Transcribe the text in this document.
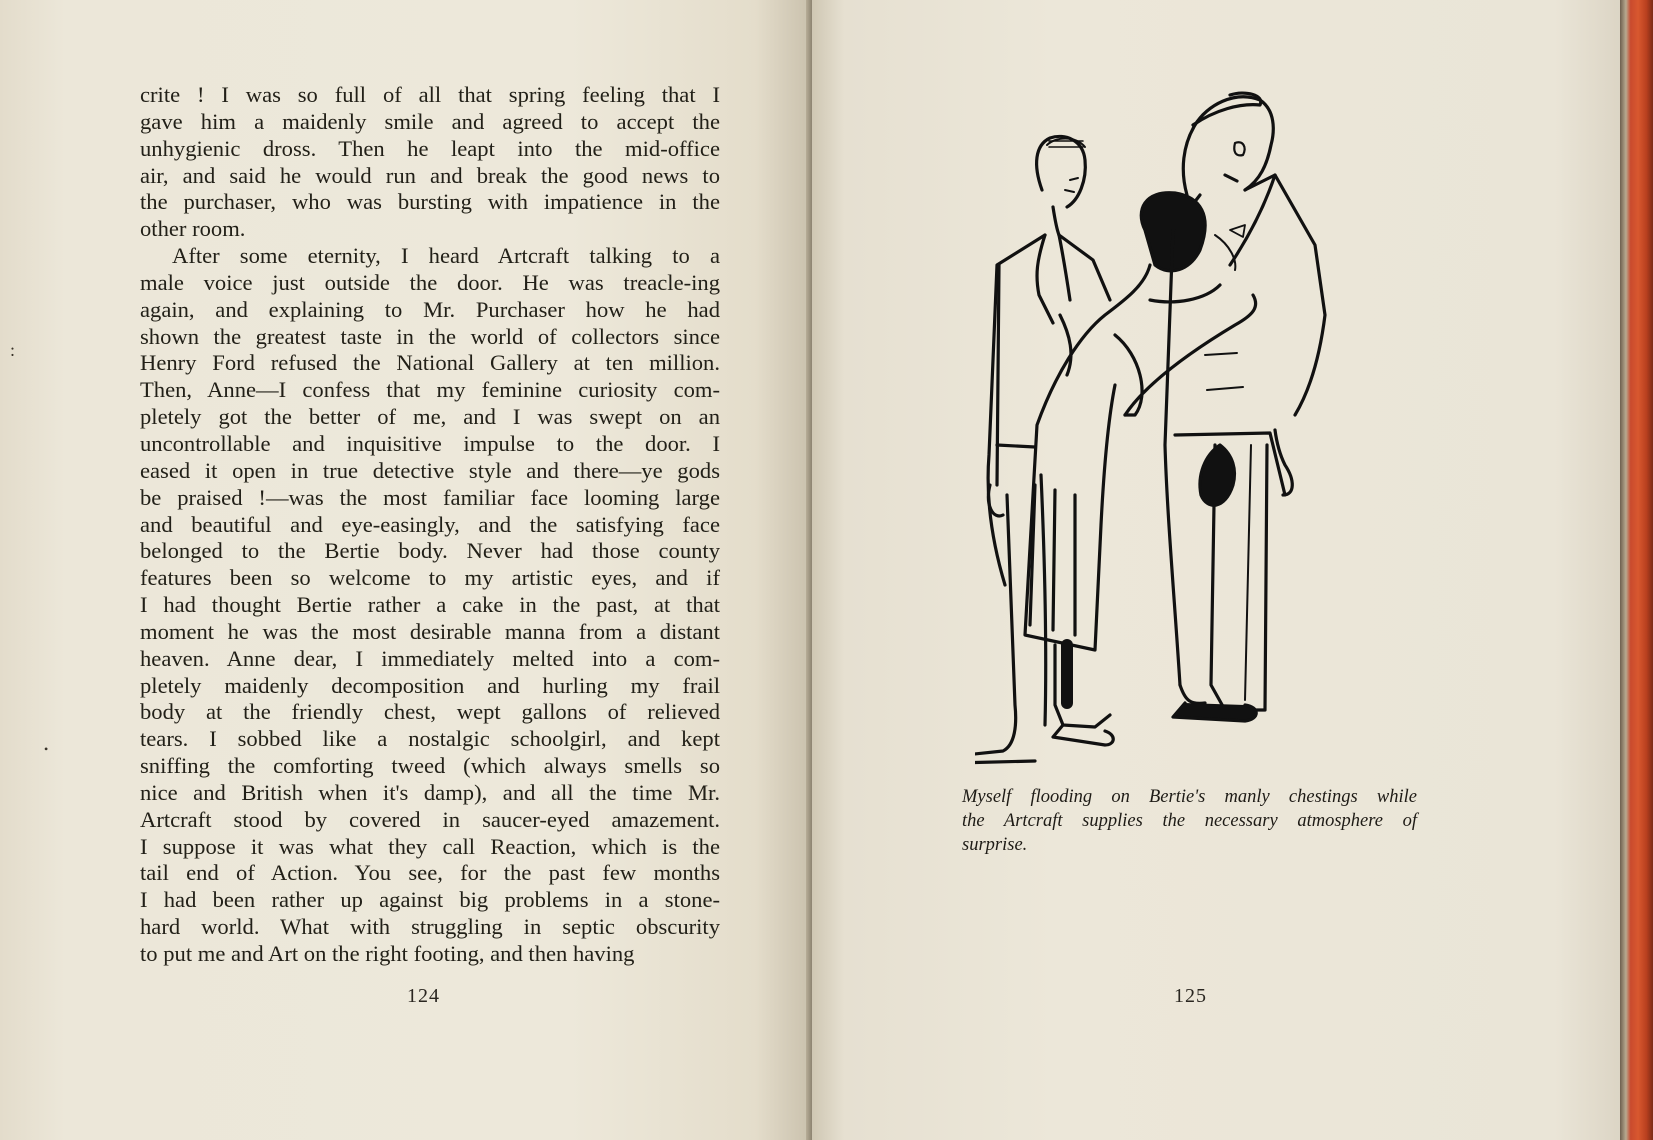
crite ! I was so full of all that spring feeling that I
gave him a maidenly smile and agreed to accept the
unhygienic dross. Then he leapt into the mid-office
air, and said he would run and break the good news to
the purchaser, who was bursting with impatience in the
other room.
After some eternity, I heard Artcraft talking to a
male voice just outside the door. He was treacle-ing
again, and explaining to Mr. Purchaser how he had
shown the greatest taste in the world of collectors since
Henry Ford refused the National Gallery at ten million.
Then, Anne—I confess that my feminine curiosity com-
pletely got the better of me, and I was swept on an
uncontrollable and inquisitive impulse to the door. I
eased it open in true detective style and there—ye gods
be praised !—was the most familiar face looming large
and beautiful and eye-easingly, and the satisfying face
belonged to the Bertie body. Never had those county
features been so welcome to my artistic eyes, and if
I had thought Bertie rather a cake in the past, at that
moment he was the most desirable manna from a distant
heaven. Anne dear, I immediately melted into a com-
pletely maidenly decomposition and hurling my frail
body at the friendly chest, wept gallons of relieved
tears. I sobbed like a nostalgic schoolgirl, and kept
sniffing the comforting tweed (which always smells so
nice and British when it's damp), and all the time Mr.
Artcraft stood by covered in saucer-eyed amazement.
I suppose it was what they call Reaction, which is the
tail end of Action. You see, for the past few months
I had been rather up against big problems in a stone-
hard world. What with struggling in septic obscurity
to put me and Art on the right footing, and then having
124
:
•
Myself flooding on Bertie's manly chestings while
the Artcraft supplies the necessary atmosphere of
surprise.
125
